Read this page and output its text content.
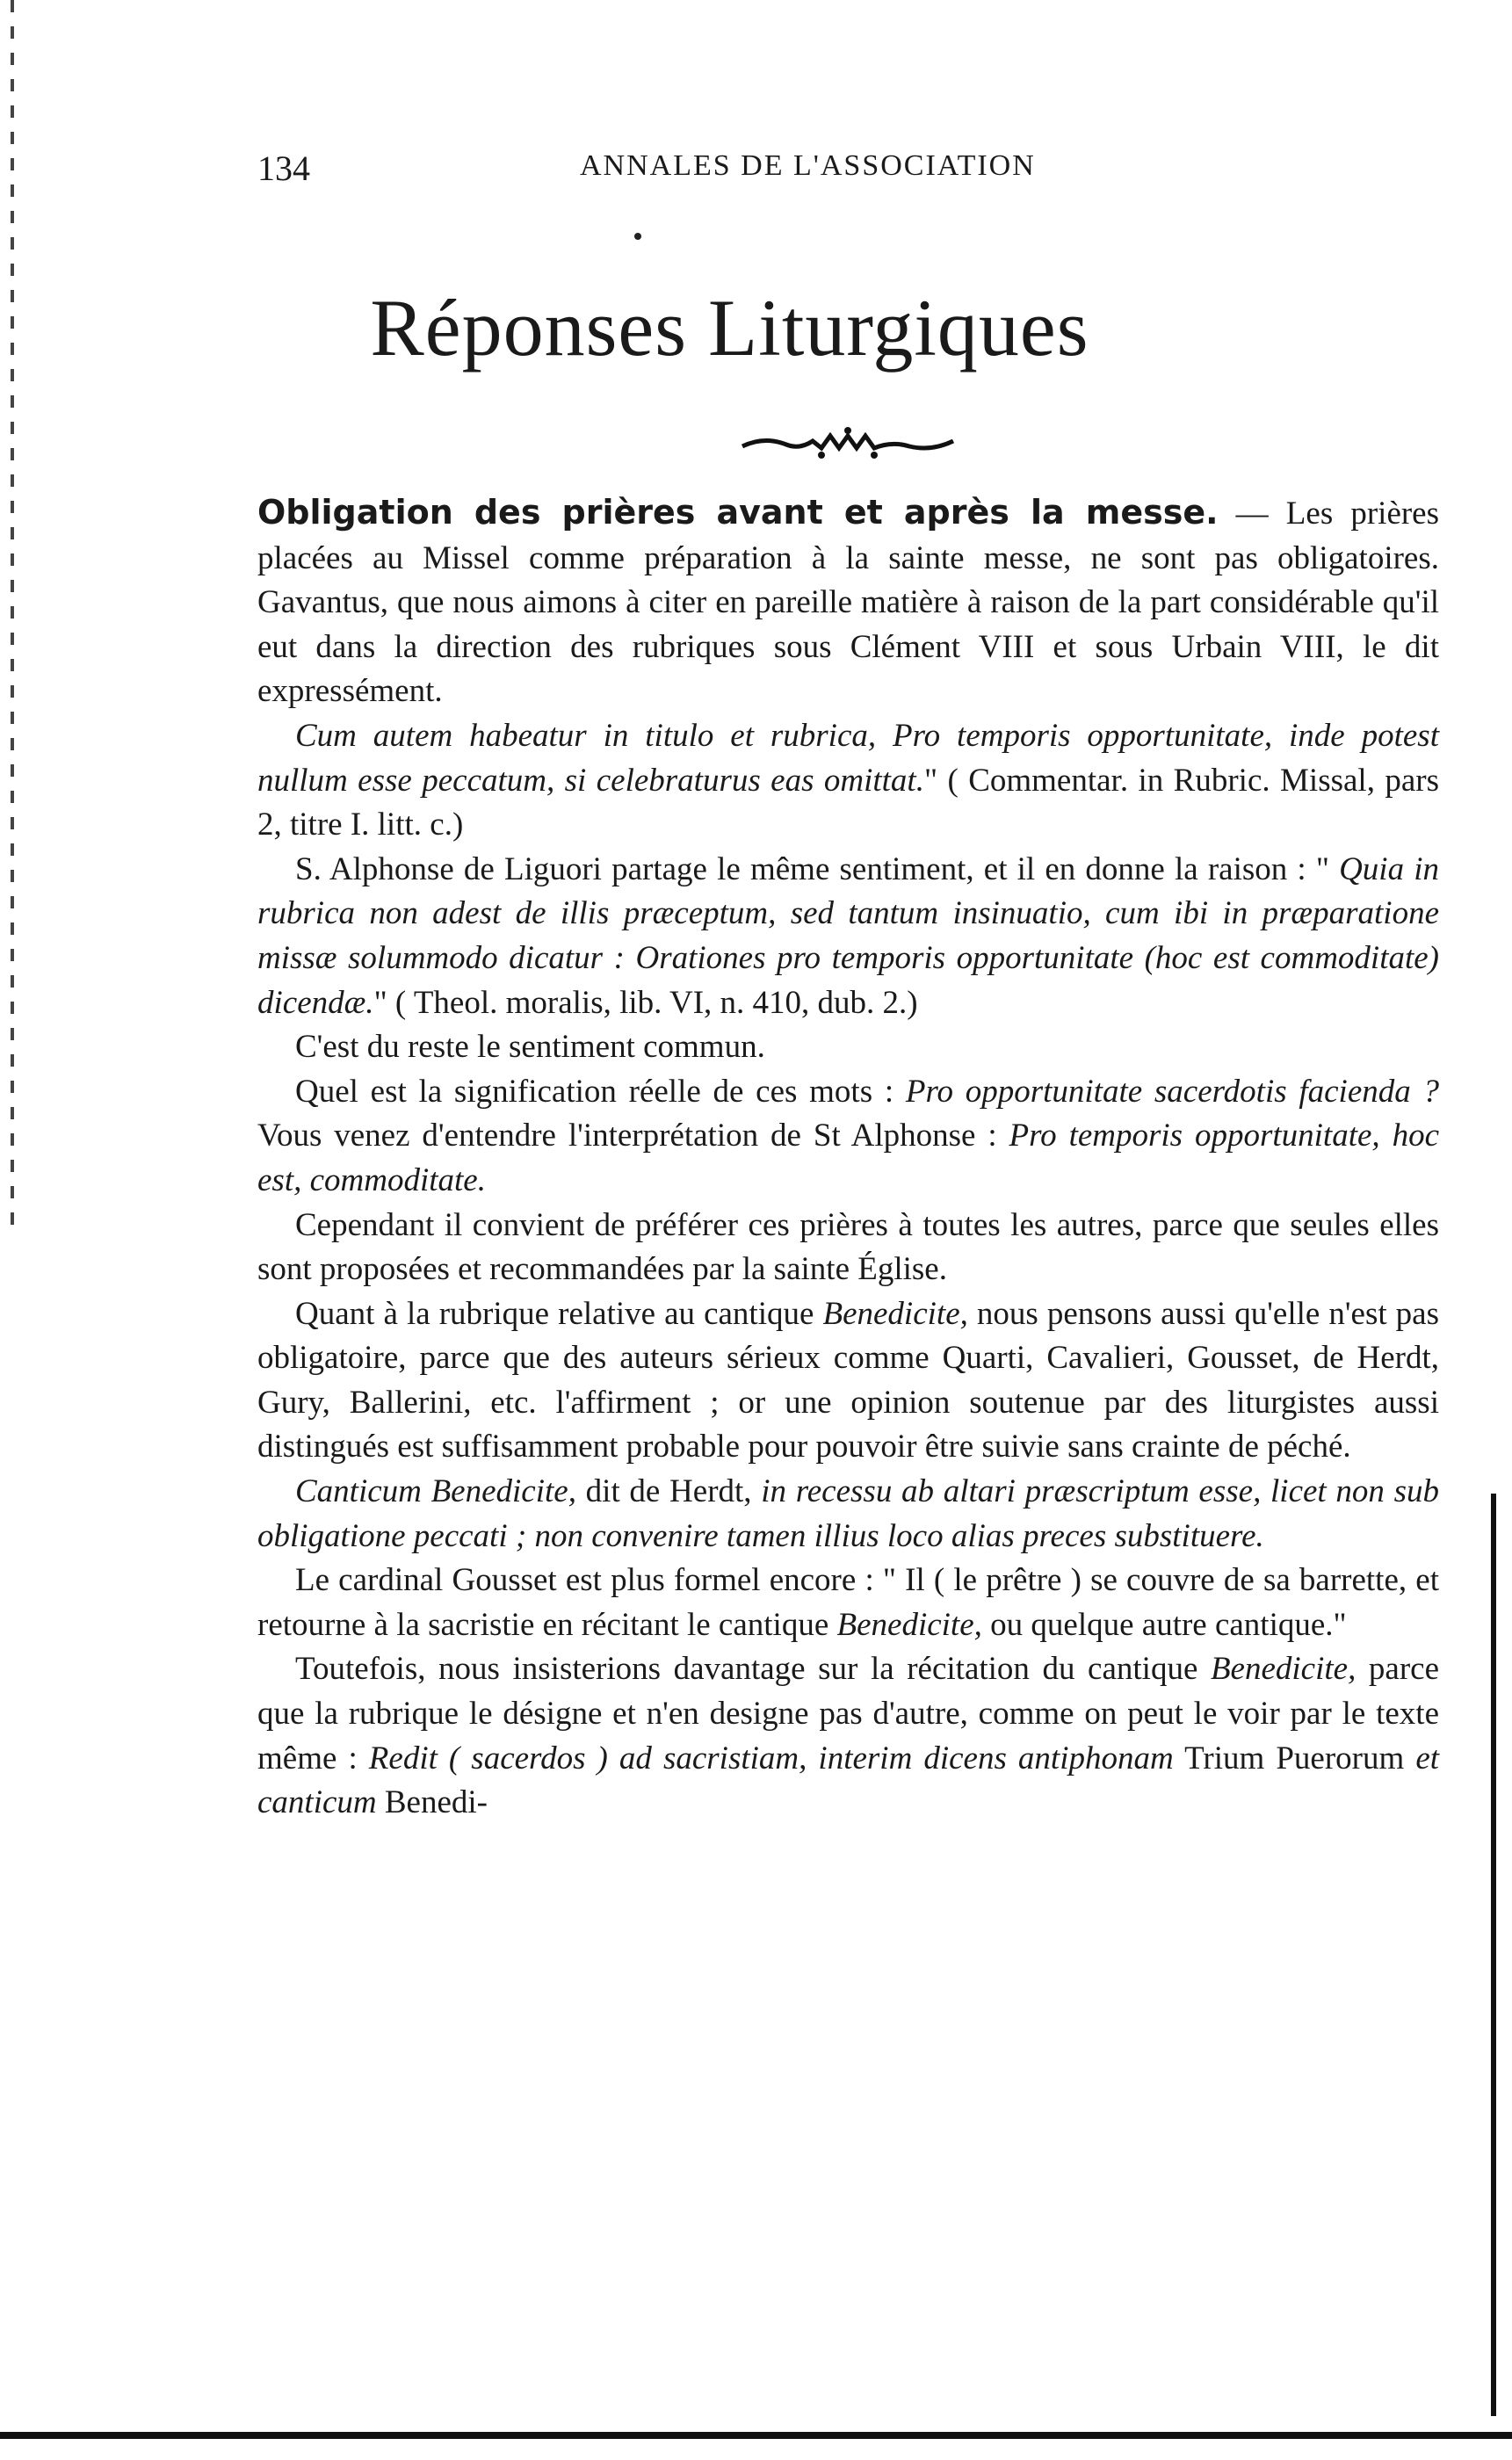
134	ANNALES DE L'ASSOCIATION
Réponses Liturgiques

Obligation des prières avant et après la messe. — Les prières placées au Missel comme préparation à la sainte messe, ne sont pas obligatoires. Gavantus, que nous aimons à citer en pareille matière à raison de la part considérable qu'il eut dans la direction des rubriques sous Clément VIII et sous Urbain VIII, le dit expressément.

Cum autem habeatur in titulo et rubrica, Pro temporis opportunitate, inde potest nullum esse peccatum, si celebraturus eas omittat." ( Commentar. in Rubric. Missal, pars 2, titre I. litt. c.)

S. Alphonse de Liguori partage le même sentiment, et il en donne la raison : " Quia in rubrica non adest de illis præceptum, sed tantum insinuatio, cum ibi in præparatione missæ solummodo dicatur : Orationes pro temporis opportunitate (hoc est commoditate) dicendæ." ( Theol. moralis, lib. VI, n. 410, dub. 2.)

C'est du reste le sentiment commun.

Quel est la signification réelle de ces mots : Pro opportunitate sacerdotis facienda ? Vous venez d'entendre l'interprétation de St Alphonse : Pro temporis opportunitate, hoc est, commoditate.

Cependant il convient de préférer ces prières à toutes les autres, parce que seules elles sont proposées et recommandées par la sainte Église.

Quant à la rubrique relative au cantique Benedicite, nous pensons aussi qu'elle n'est pas obligatoire, parce que des auteurs sérieux comme Quarti, Cavalieri, Gousset, de Herdt, Gury, Ballerini, etc. l'affirment ; or une opinion soutenue par des liturgistes aussi distingués est suffisamment probable pour pouvoir être suivie sans crainte de péché.

Canticum Benedicite, dit de Herdt, in recessu ab altari præscriptum esse, licet non sub obligatione peccati ; non convenire tamen illius loco alias preces substituere.

Le cardinal Gousset est plus formel encore : " Il ( le prêtre ) se couvre de sa barrette, et retourne à la sacristie en récitant le cantique Benedicite, ou quelque autre cantique."

Toutefois, nous insisterions davantage sur la récitation du cantique Benedicite, parce que la rubrique le désigne et n'en designe pas d'autre, comme on peut le voir par le texte même : Redit ( sacerdos ) ad sacristiam, interim dicens antiphonam Trium Puerorum et canticum Benedi-
